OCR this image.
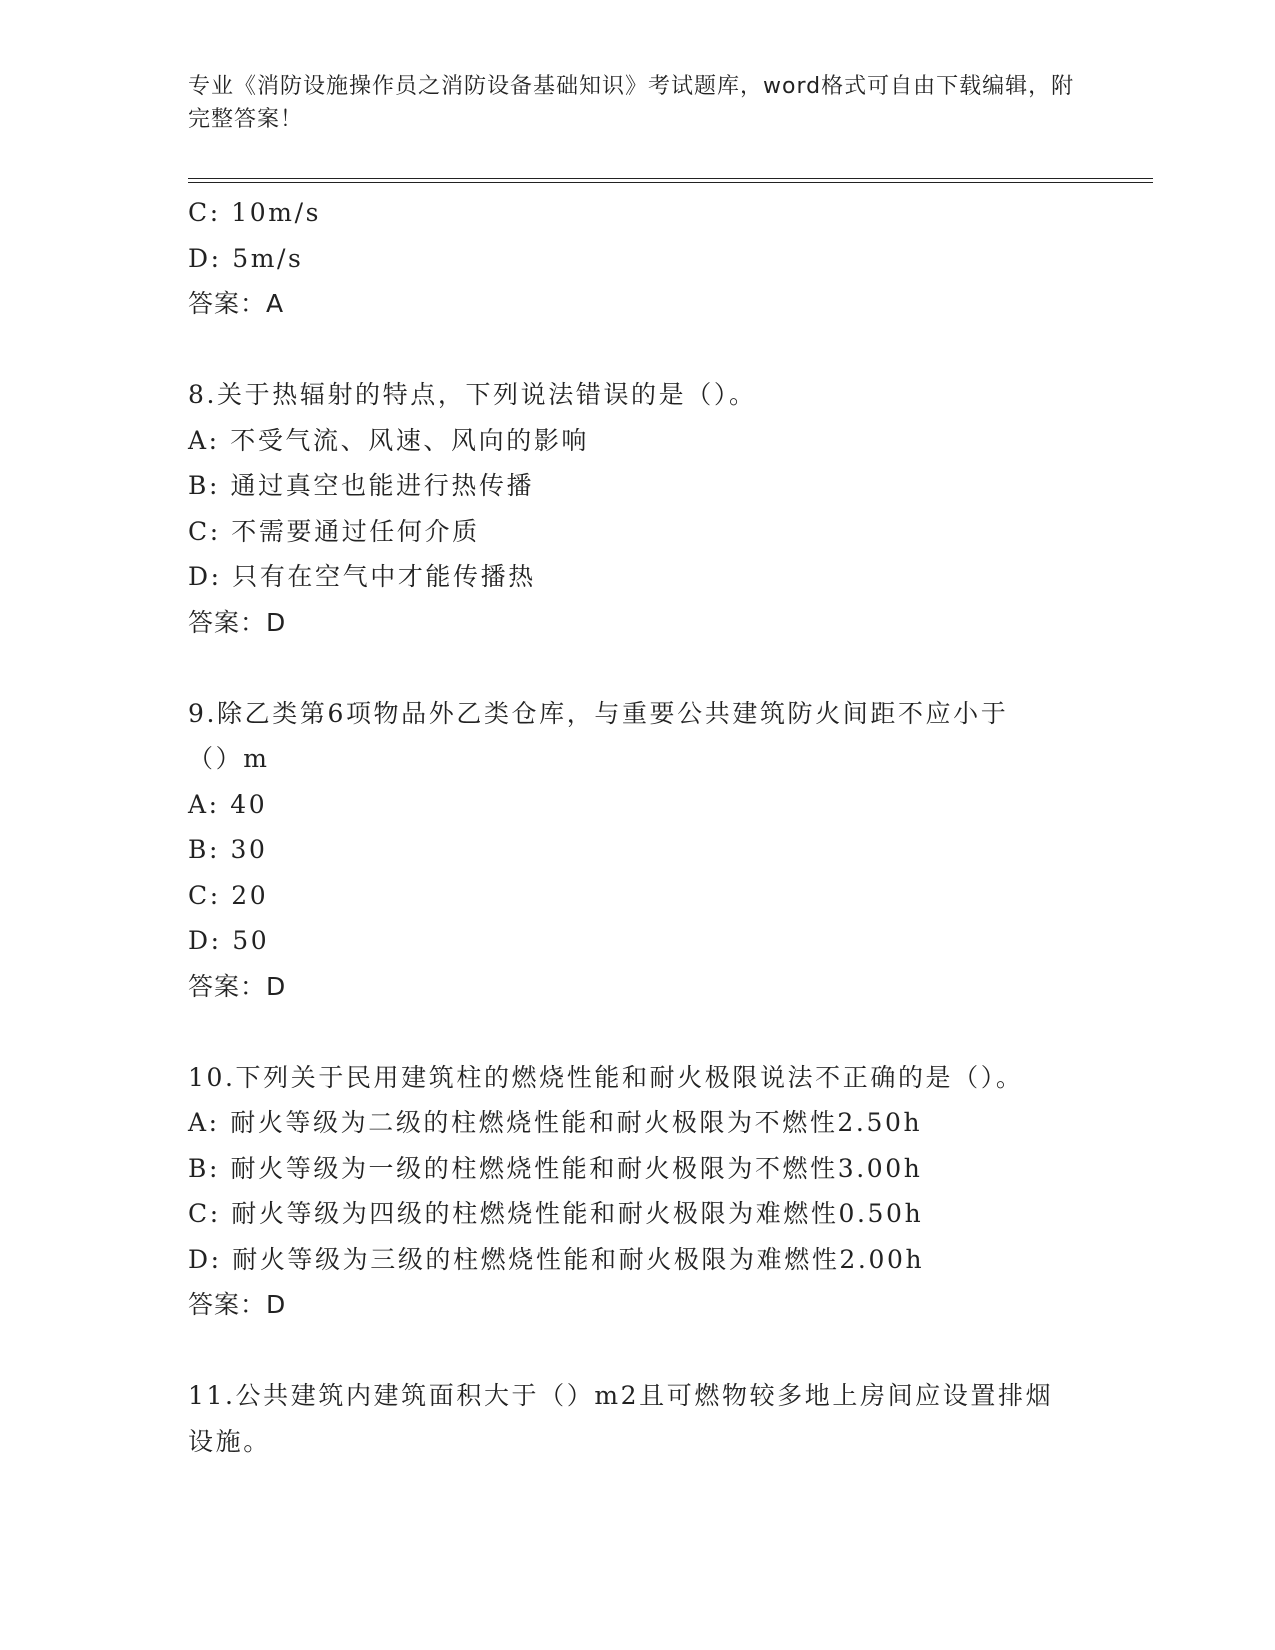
专业《消防设施操作员之消防设备基础知识》考试题库，word格式可自由下载编辑，附完整答案！
C: 10m/s
D: 5m/s
答案：A
8.关于热辐射的特点，下列说法错误的是（）。
A: 不受气流、风速、风向的影响
B: 通过真空也能进行热传播
C: 不需要通过任何介质
D: 只有在空气中才能传播热
答案：D
9.除乙类第6项物品外乙类仓库，与重要公共建筑防火间距不应小于
（）m
A: 40
B: 30
C: 20
D: 50
答案：D
10.下列关于民用建筑柱的燃烧性能和耐火极限说法不正确的是（）。
A: 耐火等级为二级的柱燃烧性能和耐火极限为不燃性2.50h
B: 耐火等级为一级的柱燃烧性能和耐火极限为不燃性3.00h
C: 耐火等级为四级的柱燃烧性能和耐火极限为难燃性0.50h
D: 耐火等级为三级的柱燃烧性能和耐火极限为难燃性2.00h
答案：D
11.公共建筑内建筑面积大于（）m2且可燃物较多地上房间应设置排烟
设施。
